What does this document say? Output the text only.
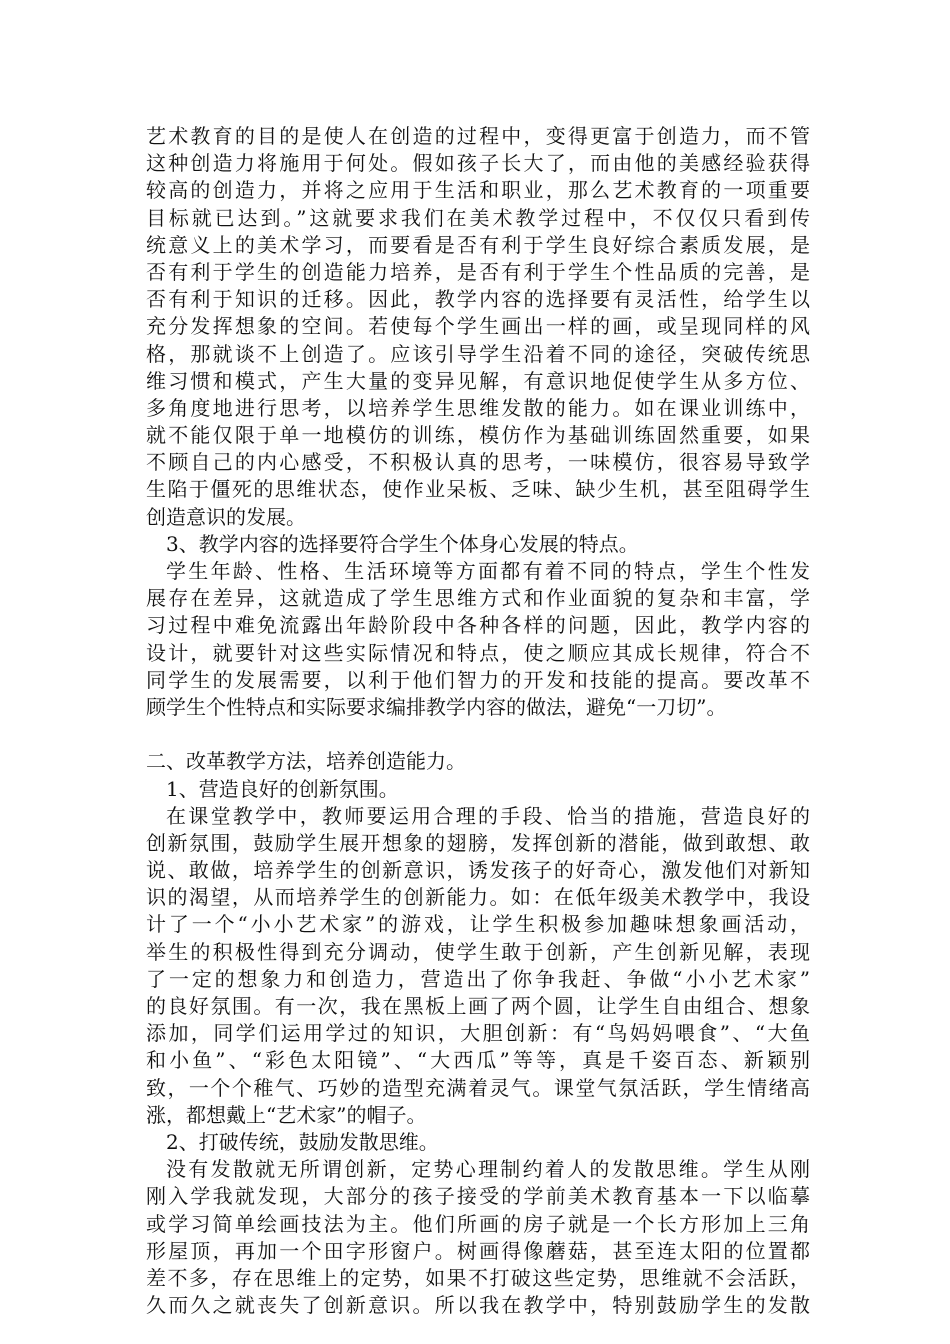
艺术教育的目的是使人在创造的过程中，变得更富于创造力，而不管
这种创造力将施用于何处。假如孩子长大了，而由他的美感经验获得
较高的创造力，并将之应用于生活和职业，那么艺术教育的一项重要
目标就已达到。”这就要求我们在美术教学过程中，不仅仅只看到传
统意义上的美术学习，而要看是否有利于学生良好综合素质发展，是
否有利于学生的创造能力培养，是否有利于学生个性品质的完善，是
否有利于知识的迁移。因此，教学内容的选择要有灵活性，给学生以
充分发挥想象的空间。若使每个学生画出一样的画，或呈现同样的风
格，那就谈不上创造了。应该引导学生沿着不同的途径，突破传统思
维习惯和模式，产生大量的变异见解，有意识地促使学生从多方位、
多角度地进行思考，以培养学生思维发散的能力。如在课业训练中，
就不能仅限于单一地模仿的训练，模仿作为基础训练固然重要，如果
不顾自己的内心感受，不积极认真的思考，一味模仿，很容易导致学
生陷于僵死的思维状态，使作业呆板、乏味、缺少生机，甚至阻碍学生
创造意识的发展。
3、教学内容的选择要符合学生个体身心发展的特点。
学生年龄、性格、生活环境等方面都有着不同的特点，学生个性发
展存在差异，这就造成了学生思维方式和作业面貌的复杂和丰富，学
习过程中难免流露出年龄阶段中各种各样的问题，因此，教学内容的
设计，就要针对这些实际情况和特点，使之顺应其成长规律，符合不
同学生的发展需要，以利于他们智力的开发和技能的提高。要改革不
顾学生个性特点和实际要求编排教学内容的做法，避免“一刀切”。
二、改革教学方法，培养创造能力。
1、营造良好的创新氛围。
在课堂教学中，教师要运用合理的手段、恰当的措施，营造良好的
创新氛围，鼓励学生展开想象的翅膀，发挥创新的潜能，做到敢想、敢
说、敢做，培养学生的创新意识，诱发孩子的好奇心，激发他们对新知
识的渴望，从而培养学生的创新能力。如：在低年级美术教学中，我设
计了一个“小小艺术家”的游戏，让学生积极参加趣味想象画活动，
举生的积极性得到充分调动，使学生敢于创新，产生创新见解，表现
了一定的想象力和创造力，营造出了你争我赶、争做“小小艺术家”
的良好氛围。有一次，我在黑板上画了两个圆，让学生自由组合、想象
添加，同学们运用学过的知识，大胆创新：有“鸟妈妈喂食”、“大鱼
和小鱼”、“彩色太阳镜”、“大西瓜”等等，真是千姿百态、新颖别
致，一个个稚气、巧妙的造型充满着灵气。课堂气氛活跃，学生情绪高
涨，都想戴上“艺术家”的帽子。
2、打破传统，鼓励发散思维。
没有发散就无所谓创新，定势心理制约着人的发散思维。学生从刚
刚入学我就发现，大部分的孩子接受的学前美术教育基本一下以临摹
或学习简单绘画技法为主。他们所画的房子就是一个长方形加上三角
形屋顶，再加一个田字形窗户。树画得像蘑菇，甚至连太阳的位置都
差不多，存在思维上的定势，如果不打破这些定势，思维就不会活跃，
久而久之就丧失了创新意识。所以我在教学中，特别鼓励学生的发散
